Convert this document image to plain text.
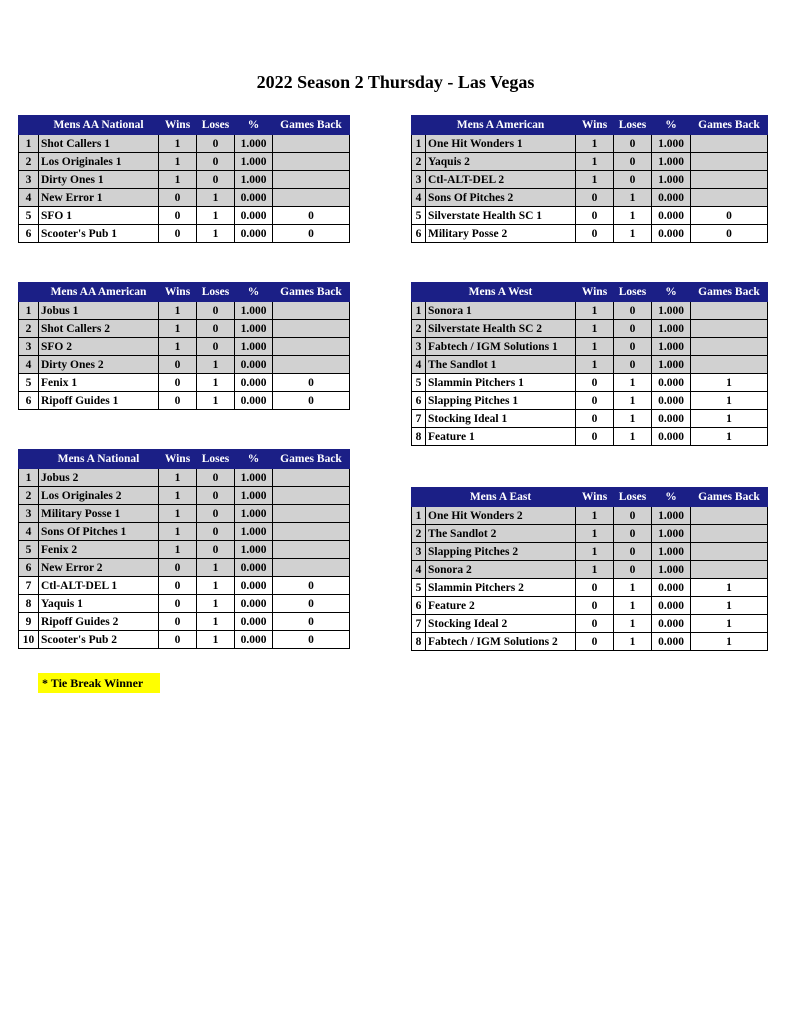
2022 Season 2 Thursday - Las Vegas
	Mens AA National	Wins	Loses	%	Games Back
1	Shot Callers 1	1	0	1.000	
2	Los Originales 1	1	0	1.000	
3	Dirty Ones 1	1	0	1.000	
4	New Error 1	0	1	0.000	
5	SFO 1	0	1	0.000	0
6	Scooter's Pub 1	0	1	0.000	0
	Mens AA American	Wins	Loses	%	Games Back
1	Jobus 1	1	0	1.000	
2	Shot Callers 2	1	0	1.000	
3	SFO 2	1	0	1.000	
4	Dirty Ones 2	0	1	0.000	
5	Fenix 1	0	1	0.000	0
6	Ripoff Guides 1	0	1	0.000	0
	Mens A National	Wins	Loses	%	Games Back
1	Jobus 2	1	0	1.000	
2	Los Originales 2	1	0	1.000	
3	Military Posse 1	1	0	1.000	
4	Sons Of Pitches 1	1	0	1.000	
5	Fenix 2	1	0	1.000	
6	New Error 2	0	1	0.000	
7	Ctl-ALT-DEL 1	0	1	0.000	0
8	Yaquis 1	0	1	0.000	0
9	Ripoff Guides 2	0	1	0.000	0
10	Scooter's Pub 2	0	1	0.000	0
	Mens A American	Wins	Loses	%	Games Back
1	One Hit Wonders 1	1	0	1.000	
2	Yaquis 2	1	0	1.000	
3	Ctl-ALT-DEL 2	1	0	1.000	
4	Sons Of Pitches 2	0	1	0.000	
5	Silverstate Health SC 1	0	1	0.000	0
6	Military Posse 2	0	1	0.000	0
	Mens A West	Wins	Loses	%	Games Back
1	Sonora 1	1	0	1.000	
2	Silverstate Health SC 2	1	0	1.000	
3	Fabtech / IGM Solutions 1	1	0	1.000	
4	The Sandlot 1	1	0	1.000	
5	Slammin Pitchers 1	0	1	0.000	1
6	Slapping Pitches 1	0	1	0.000	1
7	Stocking Ideal 1	0	1	0.000	1
8	Feature 1	0	1	0.000	1
	Mens A East	Wins	Loses	%	Games Back
1	One Hit Wonders 2	1	0	1.000	
2	The Sandlot 2	1	0	1.000	
3	Slapping Pitches 2	1	0	1.000	
4	Sonora 2	1	0	1.000	
5	Slammin Pitchers 2	0	1	0.000	1
6	Feature 2	0	1	0.000	1
7	Stocking Ideal 2	0	1	0.000	1
8	Fabtech / IGM Solutions 2	0	1	0.000	1
* Tie Break Winner
